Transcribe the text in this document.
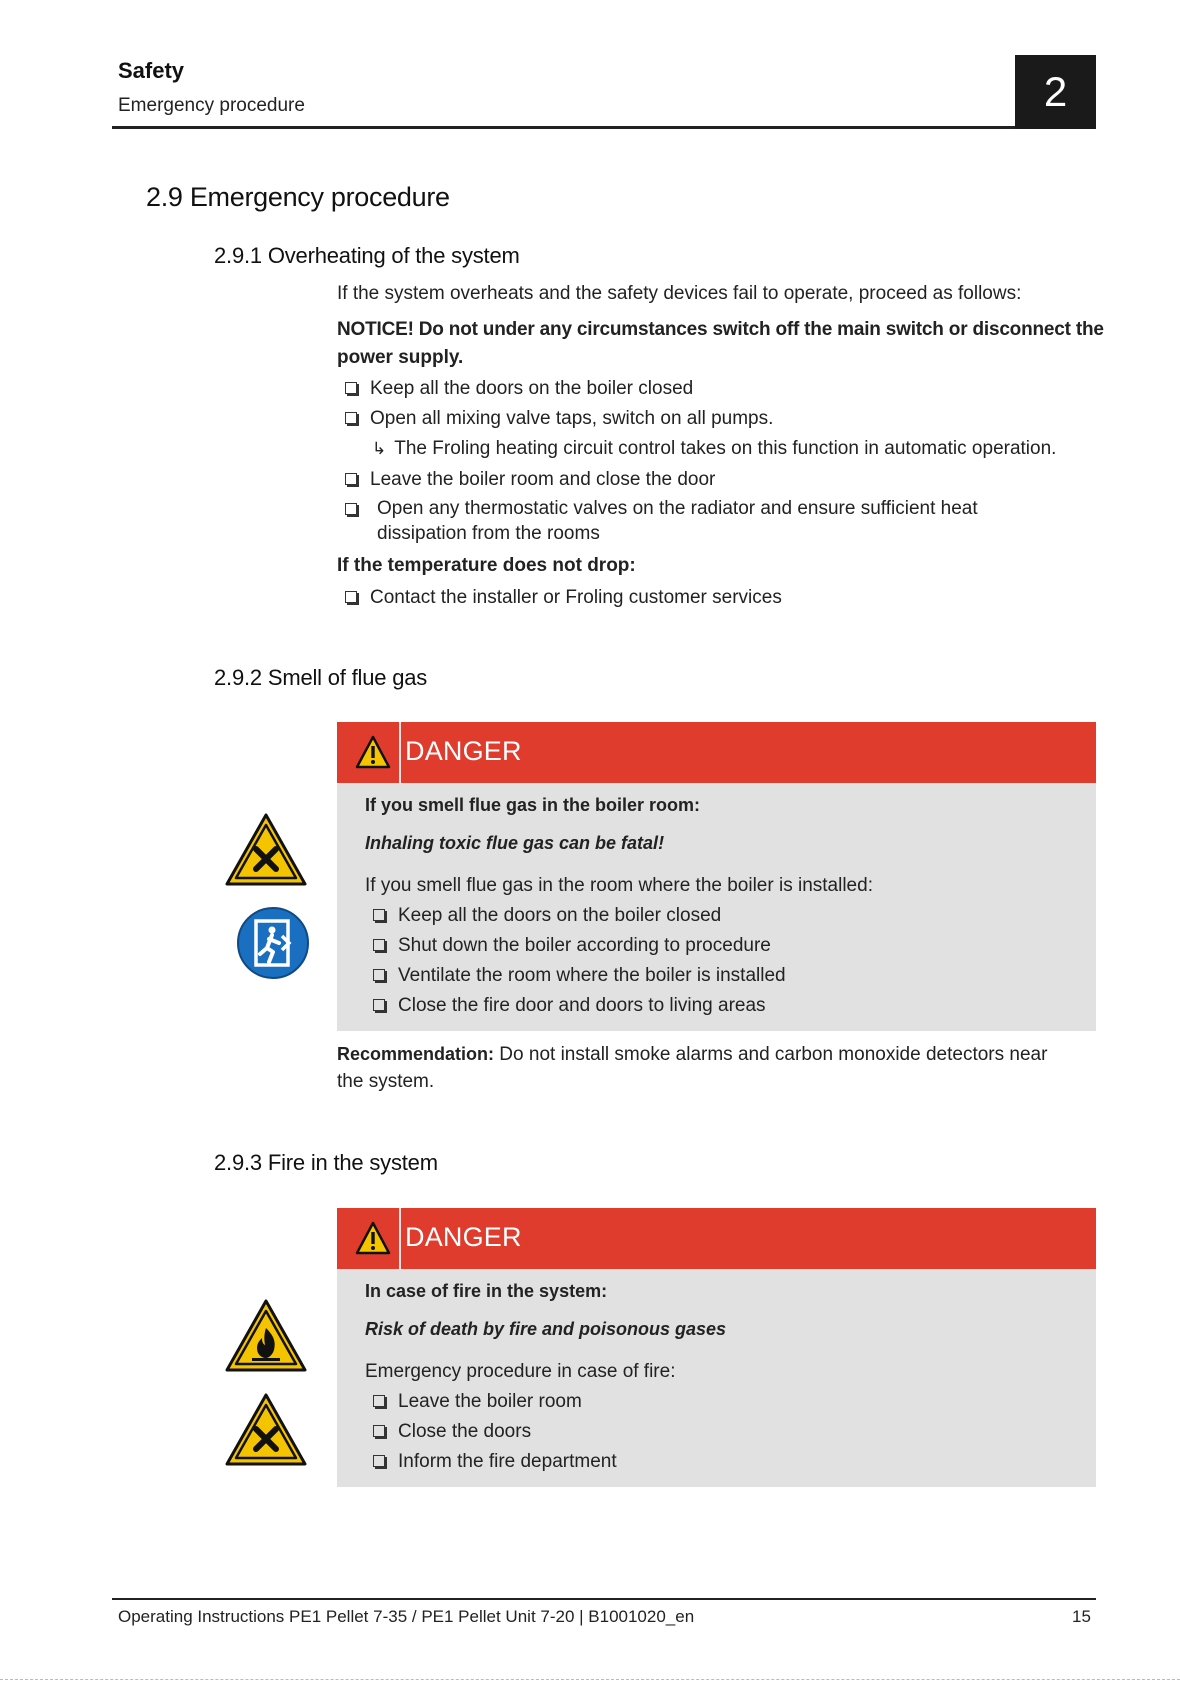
Safety
Emergency procedure	2
2.9 Emergency procedure
2.9.1 Overheating of the system
If the system overheats and the safety devices fail to operate, proceed as follows:
NOTICE! Do not under any circumstances switch off the main switch or disconnect the
power supply.
Keep all the doors on the boiler closed
Open all mixing valve taps, switch on all pumps.
↳ The Froling heating circuit control takes on this function in automatic operation.
Leave the boiler room and close the door
Open any thermostatic valves on the radiator and ensure sufficient heat dissipation from the rooms
If the temperature does not drop:
Contact the installer or Froling customer services
2.9.2 Smell of flue gas
DANGER
If you smell flue gas in the boiler room:
Inhaling toxic flue gas can be fatal!
If you smell flue gas in the room where the boiler is installed:
Keep all the doors on the boiler closed
Shut down the boiler according to procedure
Ventilate the room where the boiler is installed
Close the fire door and doors to living areas
Recommendation: Do not install smoke alarms and carbon monoxide detectors near
the system.
2.9.3 Fire in the system
DANGER
In case of fire in the system:
Risk of death by fire and poisonous gases
Emergency procedure in case of fire:
Leave the boiler room
Close the doors
Inform the fire department
Operating Instructions PE1 Pellet 7-35 / PE1 Pellet Unit 7-20 | B1001020_en	15
